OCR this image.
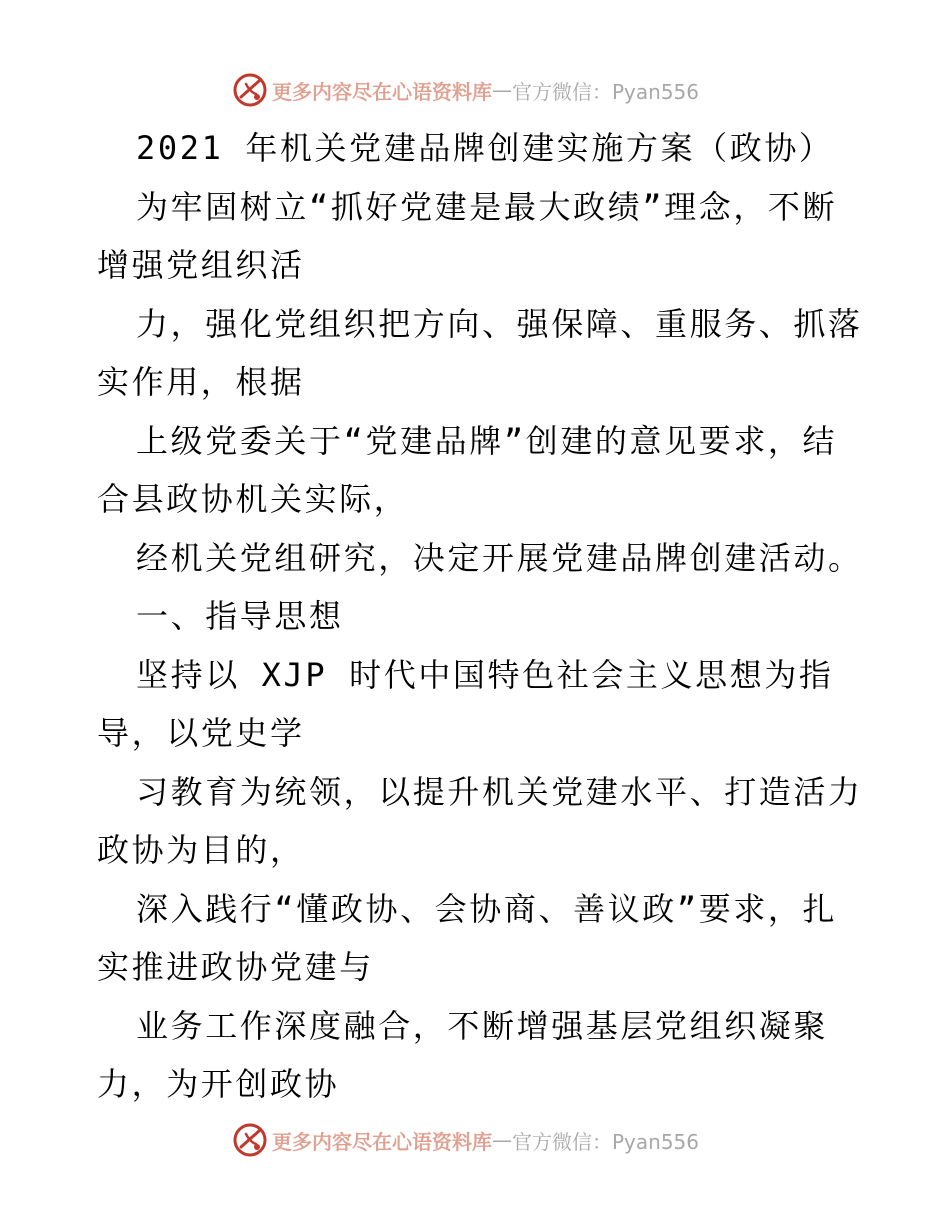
更多内容尽在心语资料库 — 官方微信：Pyan556
2021 年机关党建品牌创建实施方案（政协）
为牢固树立“抓好党建是最大政绩”理念，不断
增强党组织活
力，强化党组织把方向、强保障、重服务、抓落
实作用，根据
上级党委关于“党建品牌”创建的意见要求，结
合县政协机关实际，
经机关党组研究，决定开展党建品牌创建活动。
一、指导思想
坚持以 XJP 时代中国特色社会主义思想为指
导，以党史学
习教育为统领，以提升机关党建水平、打造活力
政协为目的，
深入践行“懂政协、会协商、善议政”要求，扎
实推进政协党建与
业务工作深度融合，不断增强基层党组织凝聚
力，为开创政协
更多内容尽在心语资料库 — 官方微信：Pyan556
